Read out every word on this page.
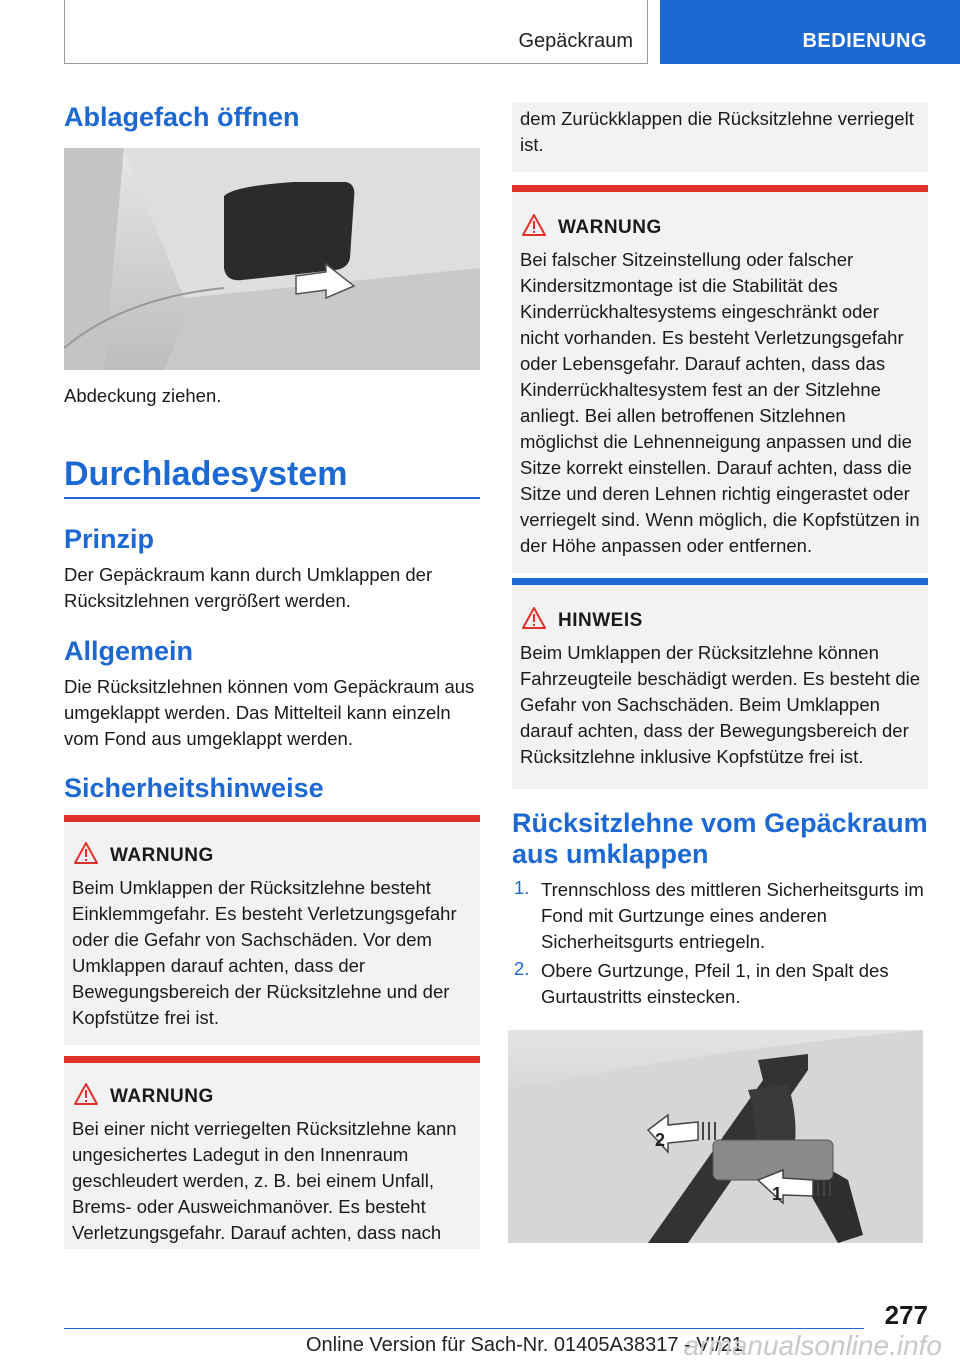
Gepäckraum	BEDIENUNG
Ablagefach öffnen

Abdeckung ziehen.

Durchladesystem
Prinzip

Der Gepäckraum kann durch Umklappen der Rücksitzlehnen vergrößert werden.

Allgemein

Die Rücksitzlehnen können vom Gepäckraum aus umgeklappt werden. Das Mittelteil kann einzeln vom Fond aus umgeklappt werden.

Sicherheitshinweise
WARNUNG

Beim Umklappen der Rücksitzlehne besteht Einklemmgefahr. Es besteht Verletzungsgefahr oder die Gefahr von Sachschäden. Vor dem Umklappen darauf achten, dass der Bewegungsbereich der Rücksitzlehne und der Kopfstütze frei ist.

WARNUNG

Bei einer nicht verriegelten Rücksitzlehne kann ungesichertes Ladegut in den Innenraum geschleudert werden, z. B. bei einem Unfall, Brems- oder Ausweichmanöver. Es besteht Verletzungsgefahr. Darauf achten, dass nach

dem Zurückklappen die Rücksitzlehne verriegelt ist.

WARNUNG

Bei falscher Sitzeinstellung oder falscher Kindersitzmontage ist die Stabilität des Kinderrückhaltesystems eingeschränkt oder nicht vorhanden. Es besteht Verletzungsgefahr oder Lebensgefahr. Darauf achten, dass das Kinderrückhaltesystem fest an der Sitzlehne anliegt. Bei allen betroffenen Sitzlehnen möglichst die Lehnenneigung anpassen und die Sitze korrekt einstellen. Darauf achten, dass die Sitze und deren Lehnen richtig eingerastet oder verriegelt sind. Wenn möglich, die Kopfstützen in der Höhe anpassen oder entfernen.

HINWEIS

Beim Umklappen der Rücksitzlehne können Fahrzeugteile beschädigt werden. Es besteht die Gefahr von Sachschäden. Beim Umklappen darauf achten, dass der Bewegungsbereich der Rücksitzlehne inklusive Kopfstütze frei ist.

Rücksitzlehne vom Gepäckraum aus umklappen
1. Trennschloss des mittleren Sicherheitsgurts im Fond mit Gurtzunge eines anderen Sicherheitsgurts entriegeln.

2. Obere Gurtzunge, Pfeil 1, in den Spalt des Gurtaustritts einstecken.

2
1
277
Online Version für Sach-Nr. 01405A38317 - VI/21
armanualsonline.info
